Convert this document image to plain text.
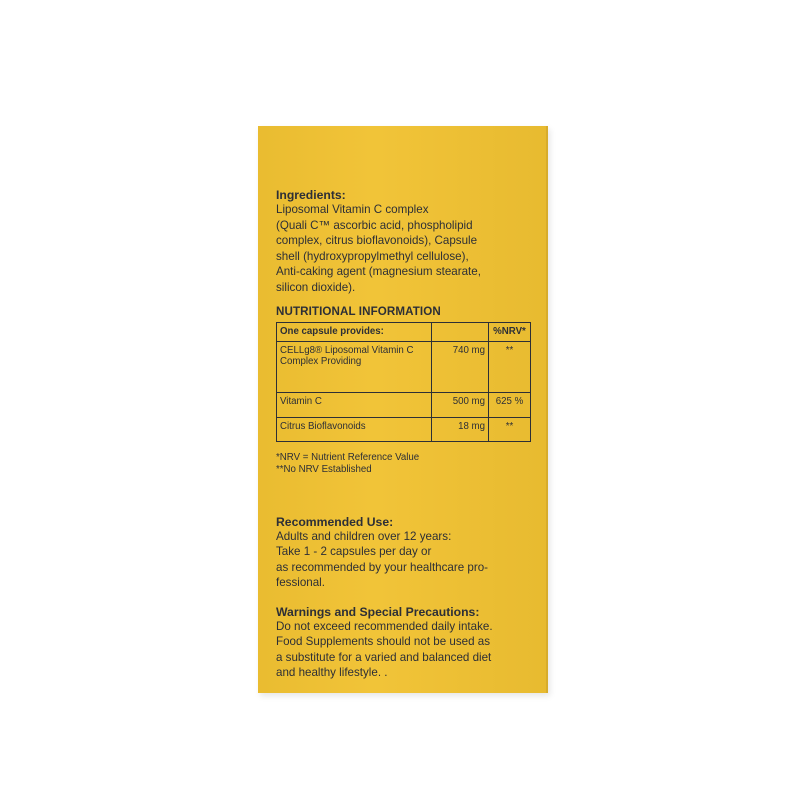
Ingredients:

Liposomal Vitamin C complex

(Quali C™ ascorbic acid, phospholipid

complex, citrus bioflavonoids), Capsule

shell (hydroxypropylmethyl cellulose),

Anti-caking agent (magnesium stearate,

silicon dioxide).

NUTRITIONAL INFORMATION
One capsule provides:		%NRV*
CELLg8® Liposomal Vitamin C Complex Providing	740 mg	**
Vitamin C	500 mg	625 %
Citrus Bioflavonoids	18 mg	**
*NRV = Nutrient Reference Value
**No NRV Established

Recommended Use:

Adults and children over 12 years:

Take 1 - 2 capsules per day or

as recommended by your healthcare pro-

fessional.

Warnings and Special Precautions:

Do not exceed recommended daily intake.

Food Supplements should not be used as

a substitute for a varied and balanced diet

and healthy lifestyle. .
